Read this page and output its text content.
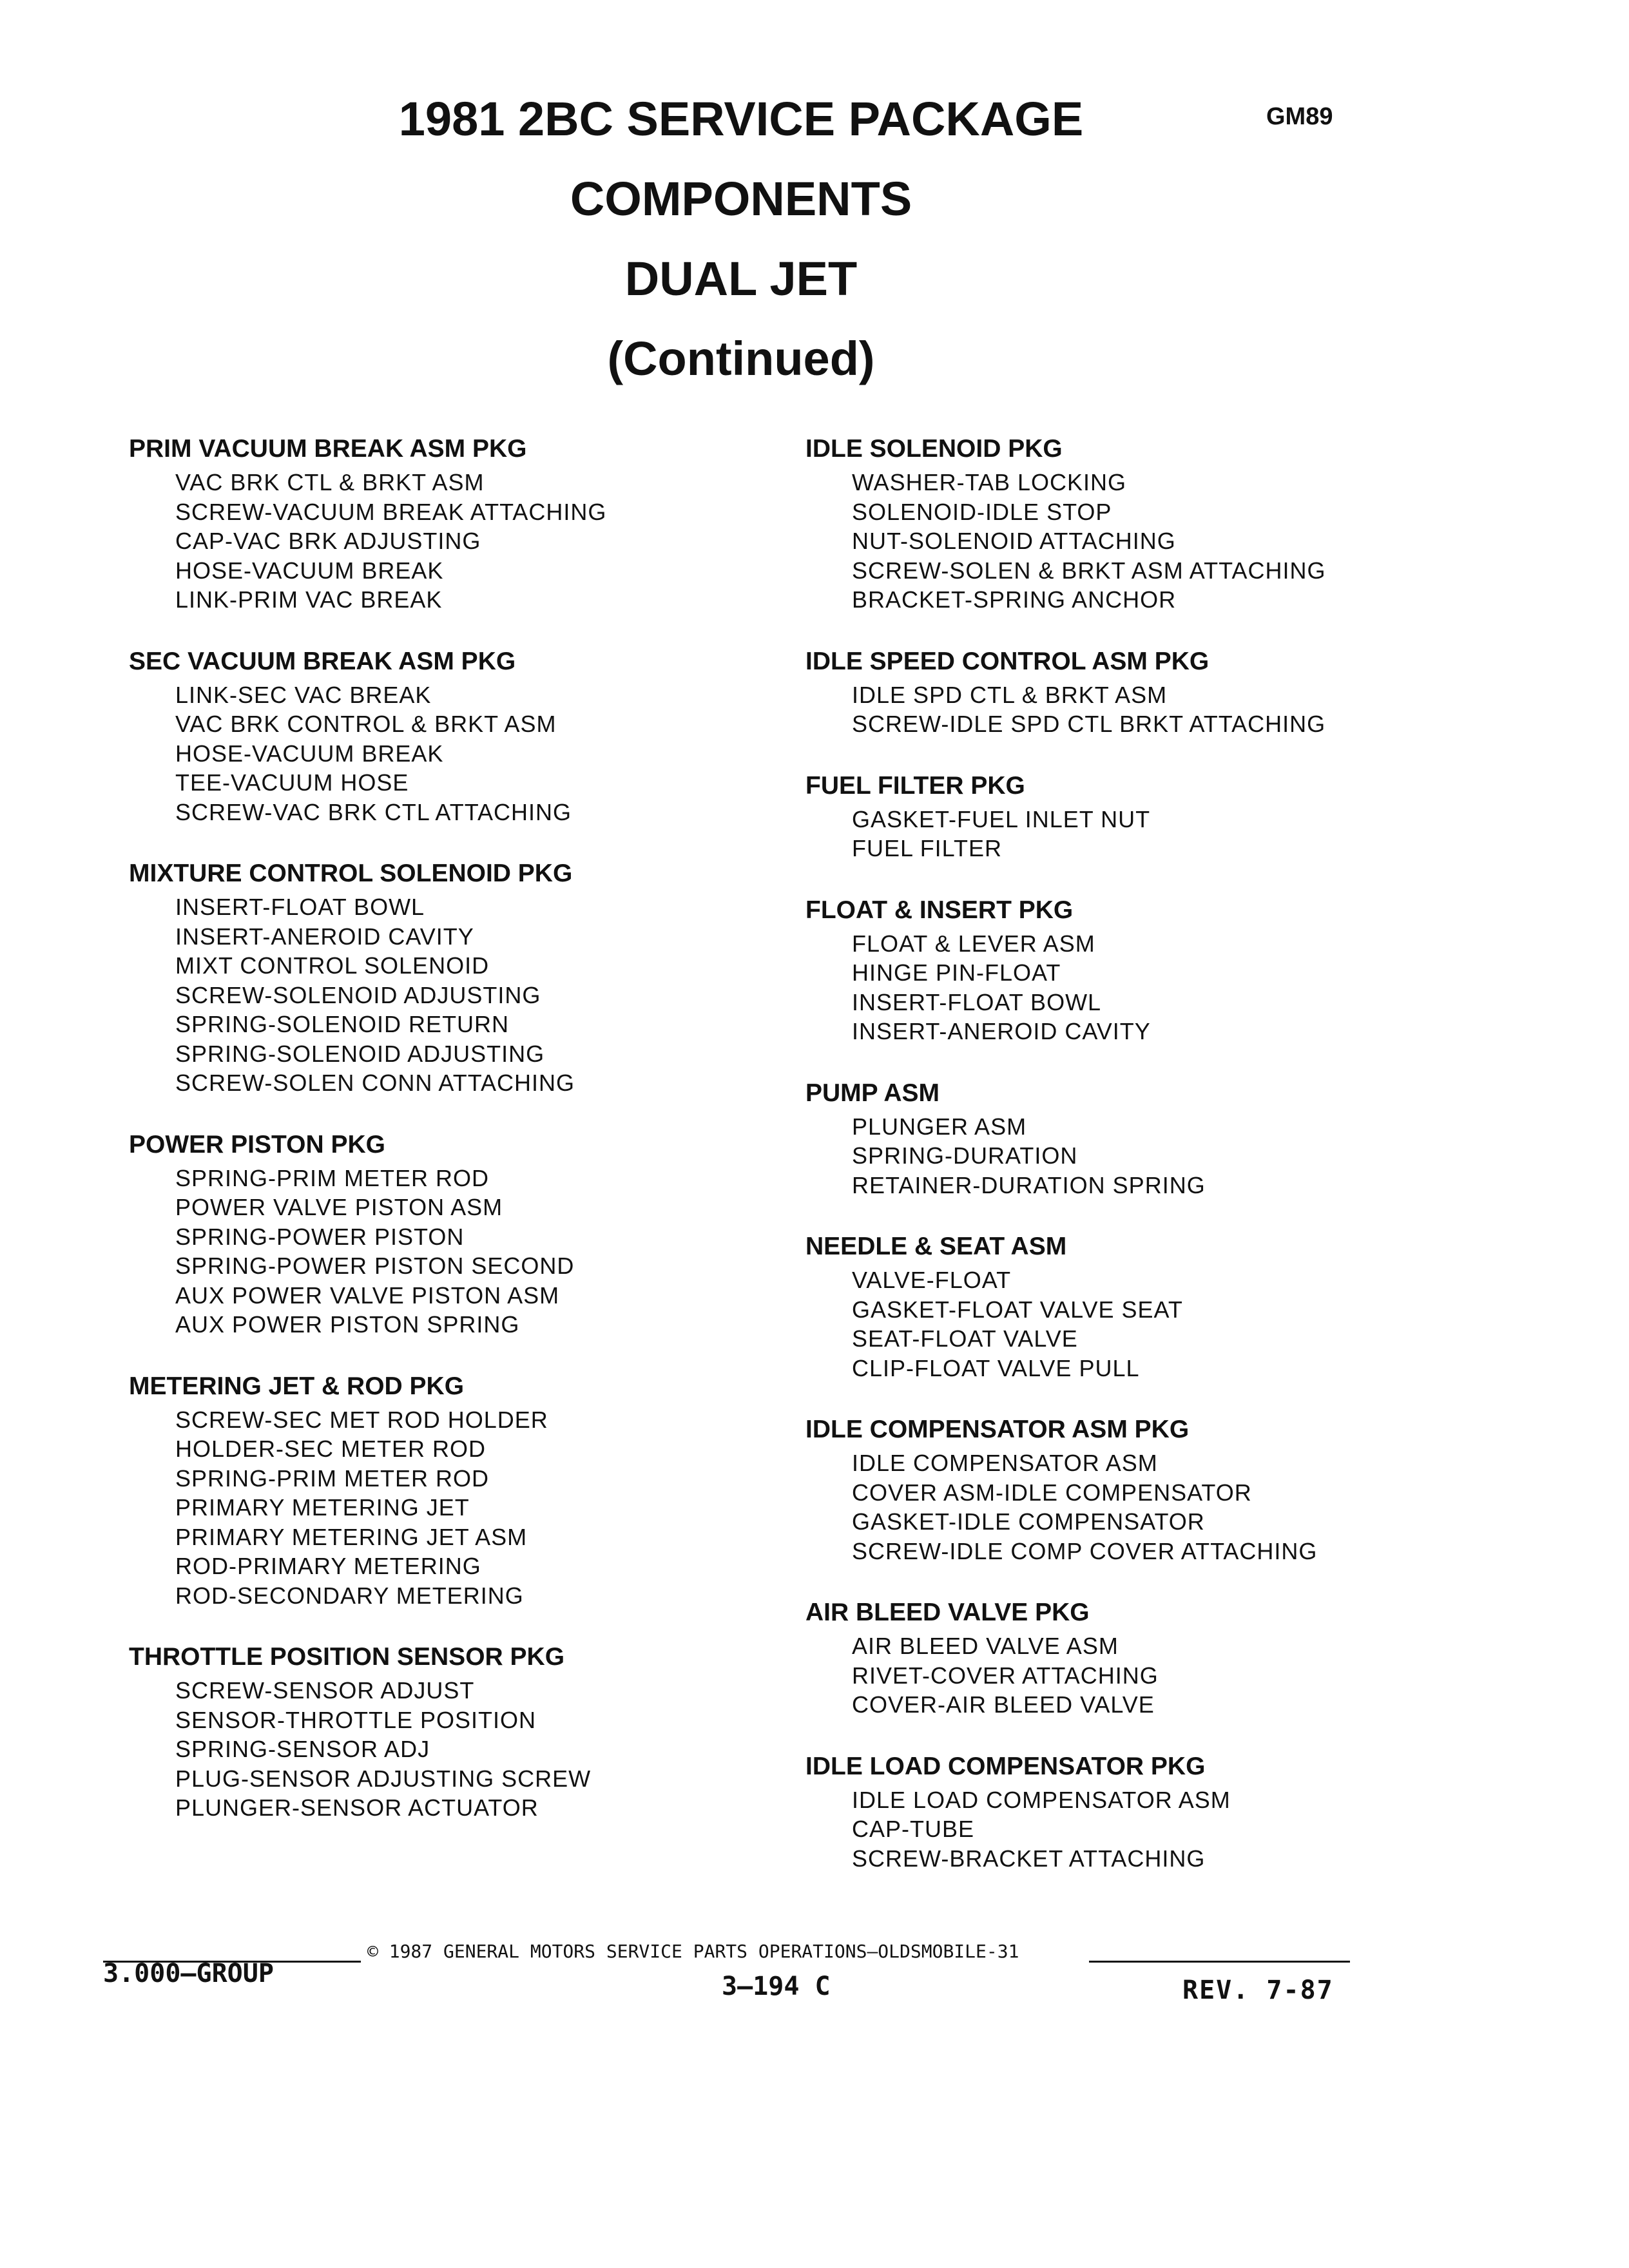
1981 2BC SERVICE PACKAGE
COMPONENTS
DUAL JET
(Continued)
GM89
PRIM VACUUM BREAK ASM PKG
VAC BRK CTL & BRKT ASM
SCREW-VACUUM BREAK ATTACHING
CAP-VAC BRK ADJUSTING
HOSE-VACUUM BREAK
LINK-PRIM VAC BREAK
SEC VACUUM BREAK ASM PKG
LINK-SEC VAC BREAK
VAC BRK CONTROL & BRKT ASM
HOSE-VACUUM BREAK
TEE-VACUUM HOSE
SCREW-VAC BRK CTL ATTACHING
MIXTURE CONTROL SOLENOID PKG
INSERT-FLOAT BOWL
INSERT-ANEROID CAVITY
MIXT CONTROL SOLENOID
SCREW-SOLENOID ADJUSTING
SPRING-SOLENOID RETURN
SPRING-SOLENOID ADJUSTING
SCREW-SOLEN CONN ATTACHING
POWER PISTON PKG
SPRING-PRIM METER ROD
POWER VALVE PISTON ASM
SPRING-POWER PISTON
SPRING-POWER PISTON SECOND
AUX POWER VALVE PISTON ASM
AUX POWER PISTON SPRING
METERING JET & ROD PKG
SCREW-SEC MET ROD HOLDER
HOLDER-SEC METER ROD
SPRING-PRIM METER ROD
PRIMARY METERING JET
PRIMARY METERING JET ASM
ROD-PRIMARY METERING
ROD-SECONDARY METERING
THROTTLE POSITION SENSOR PKG
SCREW-SENSOR ADJUST
SENSOR-THROTTLE POSITION
SPRING-SENSOR ADJ
PLUG-SENSOR ADJUSTING SCREW
PLUNGER-SENSOR ACTUATOR
IDLE SOLENOID PKG
WASHER-TAB LOCKING
SOLENOID-IDLE STOP
NUT-SOLENOID ATTACHING
SCREW-SOLEN & BRKT ASM ATTACHING
BRACKET-SPRING ANCHOR
IDLE SPEED CONTROL ASM PKG
IDLE SPD CTL & BRKT ASM
SCREW-IDLE SPD CTL BRKT ATTACHING
FUEL FILTER PKG
GASKET-FUEL INLET NUT
FUEL FILTER
FLOAT & INSERT PKG
FLOAT & LEVER ASM
HINGE PIN-FLOAT
INSERT-FLOAT BOWL
INSERT-ANEROID CAVITY
PUMP ASM
PLUNGER ASM
SPRING-DURATION
RETAINER-DURATION SPRING
NEEDLE & SEAT ASM
VALVE-FLOAT
GASKET-FLOAT VALVE SEAT
SEAT-FLOAT VALVE
CLIP-FLOAT VALVE PULL
IDLE COMPENSATOR ASM PKG
IDLE COMPENSATOR ASM
COVER ASM-IDLE COMPENSATOR
GASKET-IDLE COMPENSATOR
SCREW-IDLE COMP COVER ATTACHING
AIR BLEED VALVE PKG
AIR BLEED VALVE ASM
RIVET-COVER ATTACHING
COVER-AIR BLEED VALVE
IDLE LOAD COMPENSATOR PKG
IDLE LOAD COMPENSATOR ASM
CAP-TUBE
SCREW-BRACKET ATTACHING
© 1987 GENERAL MOTORS SERVICE PARTS OPERATIONS—OLDSMOBILE-31
3.000—GROUP	3—194 C	REV. 7-87
